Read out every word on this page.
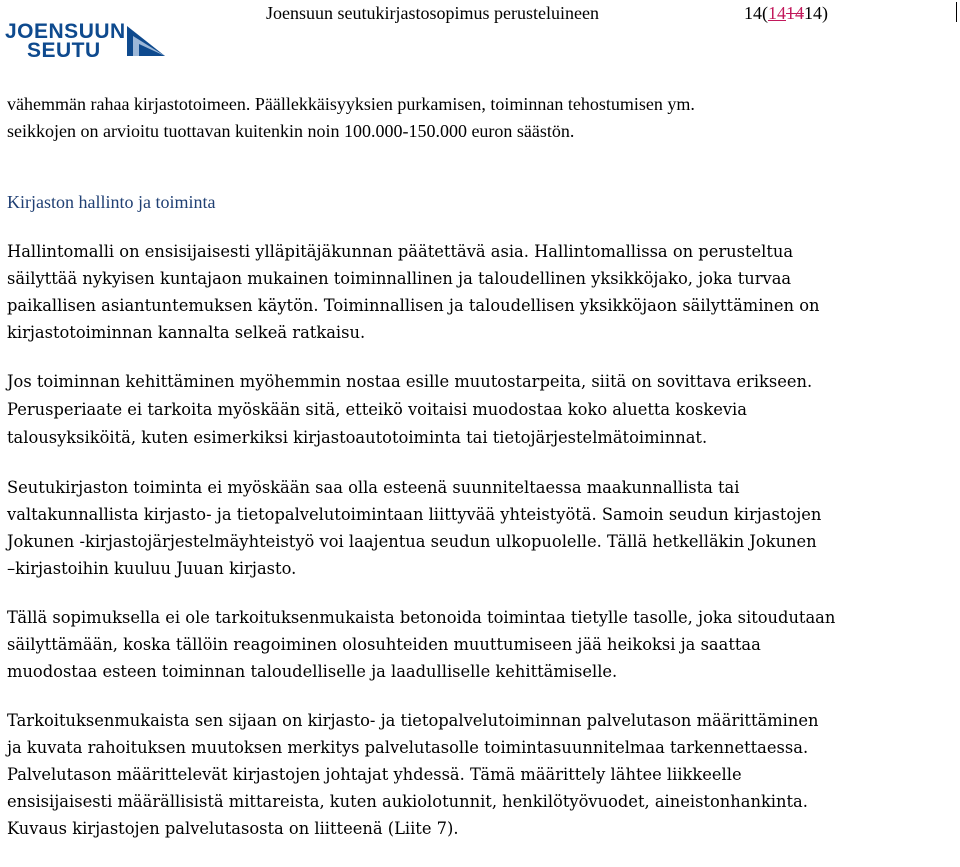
JOENSUUN
SEUTU
Joensuun seutukirjastosopimus perusteluineen	14(141414)

vähemmän rahaa kirjastotoimeen. Päällekkäisyyksien purkamisen, toiminnan tehostumisen ym.
seikkojen on arvioitu tuottavan kuitenkin noin 100.000-150.000 euron säästön.

Kirjaston hallinto ja toiminta

Hallintomalli on ensisijaisesti ylläpitäjäkunnan päätettävä asia. Hallintomallissa on perusteltua
säilyttää nykyisen kuntajaon mukainen toiminnallinen ja taloudellinen yksikköjako, joka turvaa
paikallisen asiantuntemuksen käytön. Toiminnallisen ja taloudellisen yksikköjaon säilyttäminen on
kirjastotoiminnan kannalta selkeä ratkaisu.
Jos toiminnan kehittäminen myöhemmin nostaa esille muutostarpeita, siitä on sovittava erikseen.
Perusperiaate ei tarkoita myöskään sitä, etteikö voitaisi muodostaa koko aluetta koskevia
talousyksiköitä, kuten esimerkiksi kirjastoautotoiminta tai tietojärjestelmätoiminnat.
Seutukirjaston toiminta ei myöskään saa olla esteenä suunniteltaessa maakunnallista tai
valtakunnallista kirjasto- ja tietopalvelutoimintaan liittyvää yhteistyötä. Samoin seudun kirjastojen
Jokunen -kirjastojärjestelmäyhteistyö voi laajentua seudun ulkopuolelle. Tällä hetkelläkin Jokunen
–kirjastoihin kuuluu Juuan kirjasto.
Tällä sopimuksella ei ole tarkoituksenmukaista betonoida toimintaa tietylle tasolle, joka sitoudutaan
säilyttämään, koska tällöin reagoiminen olosuhteiden muuttumiseen jää heikoksi ja saattaa
muodostaa esteen toiminnan taloudelliselle ja laadulliselle kehittämiselle.
Tarkoituksenmukaista sen sijaan on kirjasto- ja tietopalvelutoiminnan palvelutason määrittäminen
ja kuvata rahoituksen muutoksen merkitys palvelutasolle toimintasuunnitelmaa tarkennettaessa.
Palvelutason määrittelevät kirjastojen johtajat yhdessä. Tämä määrittely lähtee liikkeelle
ensisijaisesti määrällisistä mittareista, kuten aukiolotunnit, henkilötyövuodet, aineistonhankinta.
Kuvaus kirjastojen palvelutasosta on liitteenä (Liite 7).
